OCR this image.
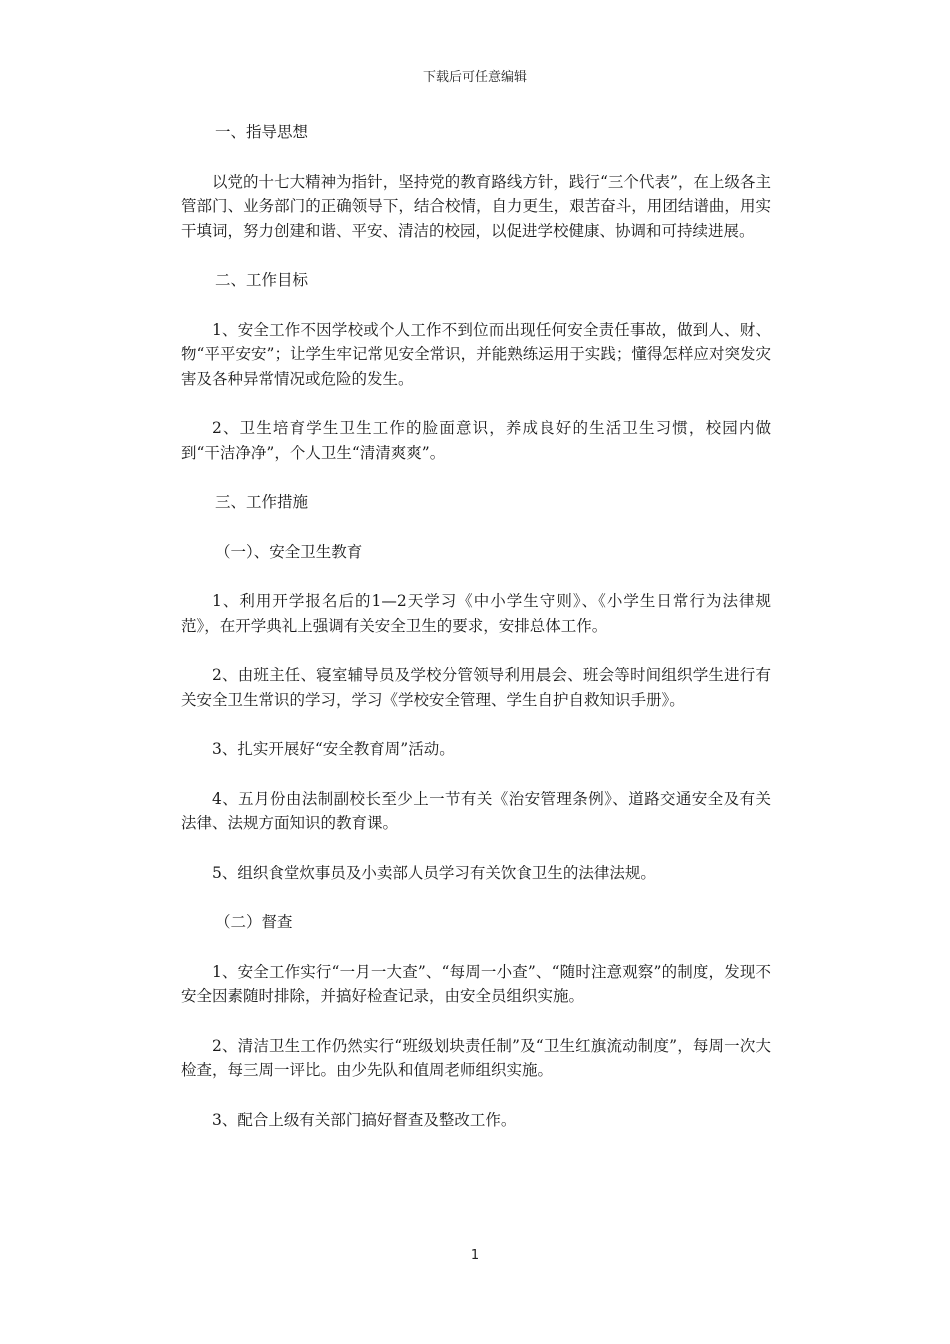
下载后可任意编辑

一、指导思想

以党的十七大精神为指针，坚持党的教育路线方针，践行“三个代表”，在上级各主管部门、业务部门的正确领导下，结合校情，自力更生，艰苦奋斗，用团结谱曲，用实干填词，努力创建和谐、平安、清洁的校园，以促进学校健康、协调和可持续进展。

二、工作目标

1、安全工作不因学校或个人工作不到位而出现任何安全责任事故，做到人、财、物“平平安安”；让学生牢记常见安全常识，并能熟练运用于实践；懂得怎样应对突发灾害及各种异常情况或危险的发生。

2、卫生培育学生卫生工作的脸面意识，养成良好的生活卫生习惯，校园内做到“干洁净净”，个人卫生“清清爽爽”。

三、工作措施

（一）、安全卫生教育

1、利用开学报名后的1—2天学习《中小学生守则》、《小学生日常行为法律规范》，在开学典礼上强调有关安全卫生的要求，安排总体工作。

2、由班主任、寝室辅导员及学校分管领导利用晨会、班会等时间组织学生进行有关安全卫生常识的学习，学习《学校安全管理、学生自护自救知识手册》。

3、扎实开展好“安全教育周”活动。

4、五月份由法制副校长至少上一节有关《治安管理条例》、道路交通安全及有关法律、法规方面知识的教育课。

5、组织食堂炊事员及小卖部人员学习有关饮食卫生的法律法规。

（二）督查

1、安全工作实行“一月一大查”、“每周一小查”、“随时注意观察”的制度，发现不安全因素随时排除，并搞好检查记录，由安全员组织实施。

2、清洁卫生工作仍然实行“班级划块责任制”及“卫生红旗流动制度”，每周一次大检查，每三周一评比。由少先队和值周老师组织实施。

3、配合上级有关部门搞好督查及整改工作。

1
